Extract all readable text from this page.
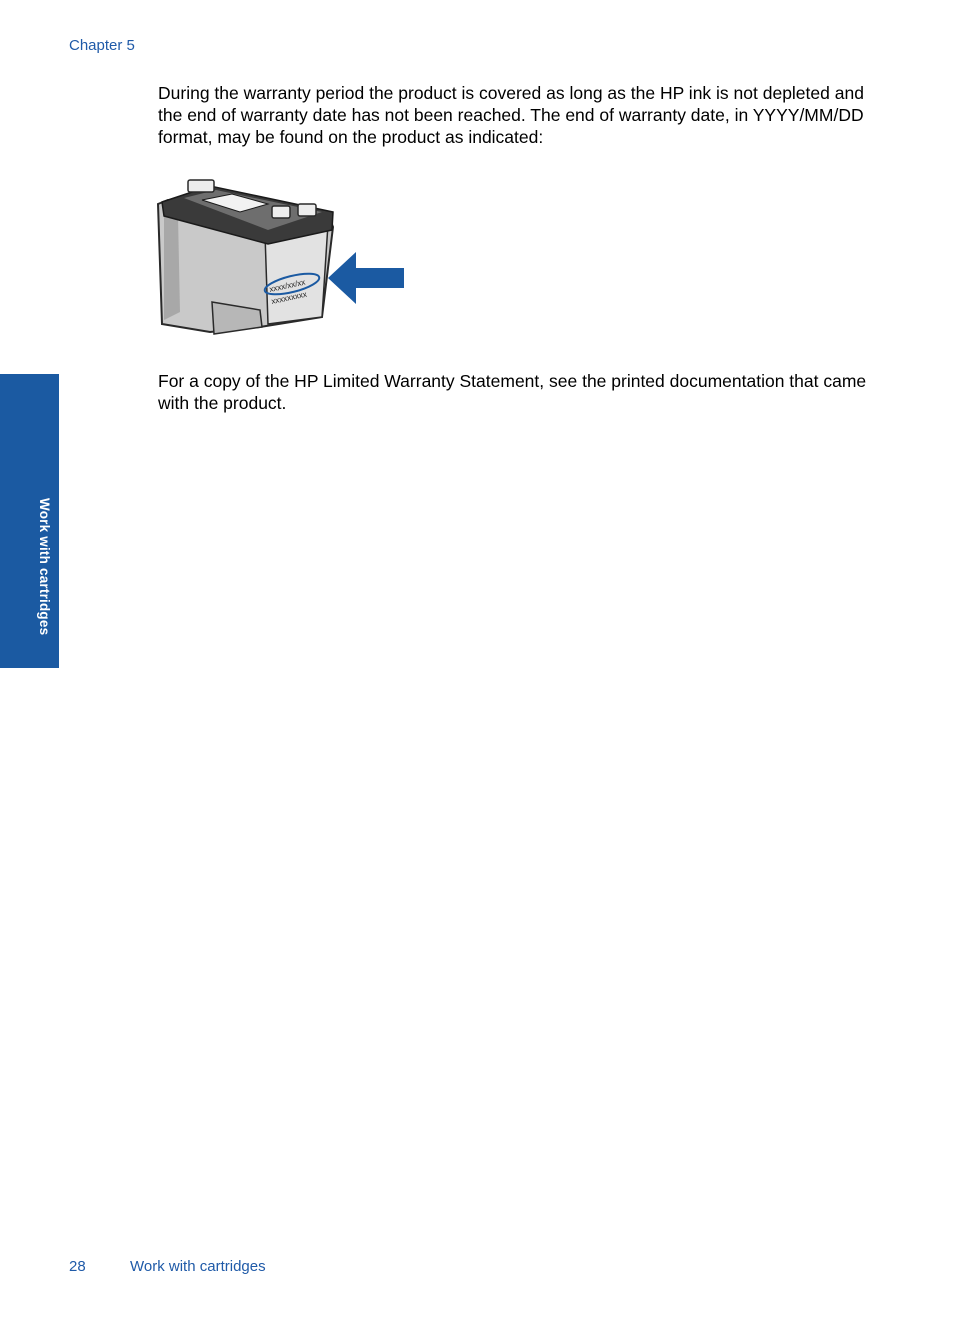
Chapter 5

During the warranty period the product is covered as long as the HP ink is not depleted and the end of warranty date has not been reached. The end of warranty date, in YYYY/MM/DD format, may be found on the product as indicated:

xxxx/xx/xx
xxxxxxxxx

For a copy of the HP Limited Warranty Statement, see the printed documentation that came with the product.

Work with cartridges
28	Work with cartridges
